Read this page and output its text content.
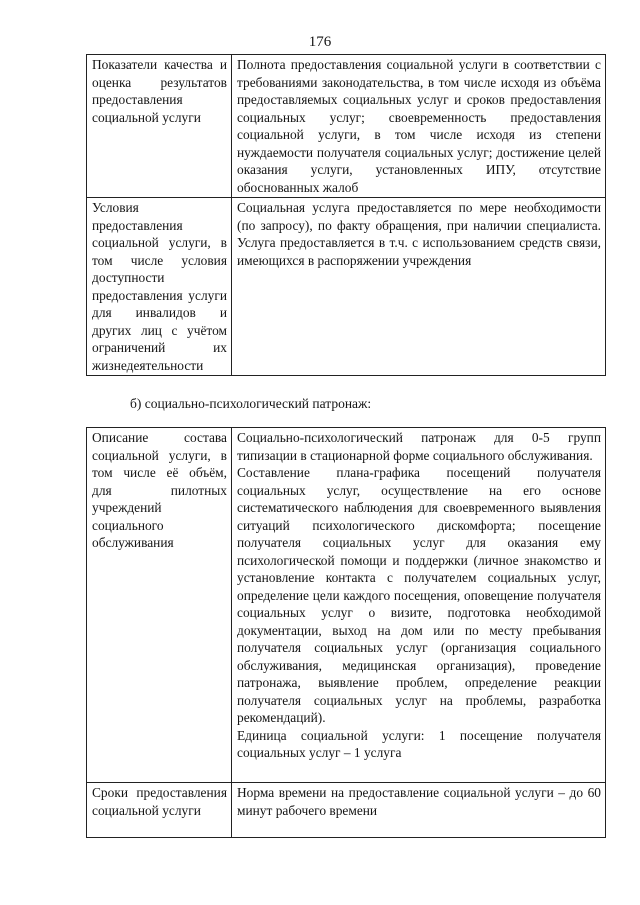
176
Показатели качества и оценка результатов предоставления социальной услуги	Полнота предоставления социальной услуги в соответствии с требованиями законодательства, в том числе исходя из объёма предоставляемых социальных услуг и сроков предоставления социальных услуг; своевременность предоставления социальной услуги, в том числе исходя из степени нуждаемости получателя социальных услуг; достижение целей оказания услуги, установленных ИПУ, отсутствие обоснованных жалоб
Условия предоставления социальной услуги, в том числе условия доступности предоставления услуги для инвалидов и других лиц с учётом ограничений их жизнедеятельности	Социальная услуга предоставляется по мере необходимости (по запросу), по факту обращения, при наличии специалиста. Услуга предоставляется в т.ч. с использованием средств связи, имеющихся в распоряжении учреждения
б) социально-психологический патронаж:
Описание состава социальной услуги, в том числе её объём, для пилотных учреждений социального обслуживания	Социально-психологический патронаж для 0-5 групп типизации в стационарной форме социального обслуживания.
Составление плана-графика посещений получателя социальных услуг, осуществление на его основе систематического наблюдения для своевременного выявления ситуаций психологического дискомфорта; посещение получателя социальных услуг для оказания ему психологической помощи и поддержки (личное знакомство и установление контакта с получателем социальных услуг, определение цели каждого посещения, оповещение получателя социальных услуг о визите, подготовка необходимой документации, выход на дом или по месту пребывания получателя социальных услуг (организация социального обслуживания, медицинская организация), проведение патронажа, выявление проблем, определение реакции получателя социальных услуг на проблемы, разработка рекомендаций).
Единица социальной услуги: 1 посещение получателя социальных услуг – 1 услуга

Сроки предоставления социальной услуги	Норма времени на предоставление социальной услуги – до 60 минут рабочего времени
